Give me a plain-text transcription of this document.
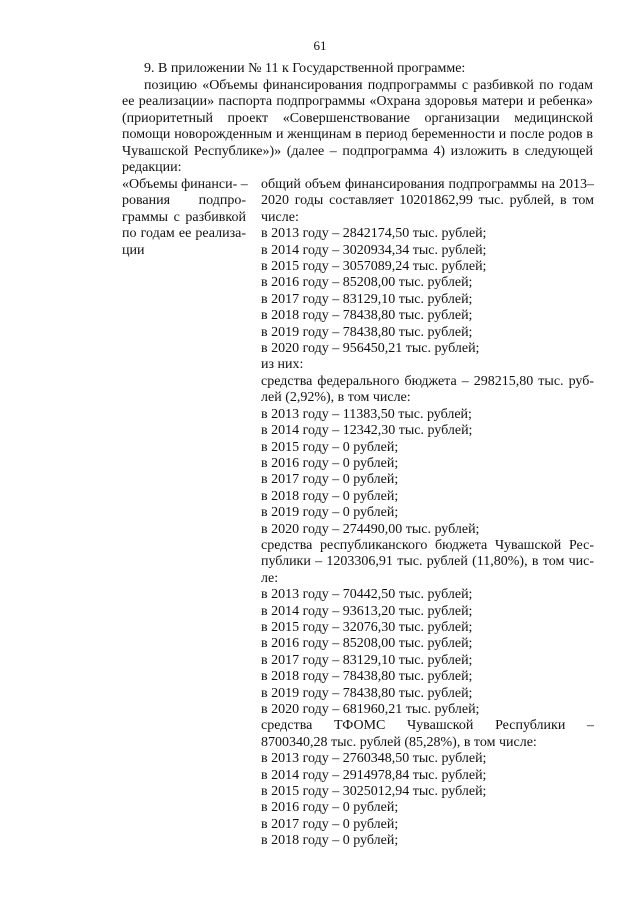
61

9. В приложении № 11 к Государственной программе:

позицию «Объемы финансирования подпрограммы с разбивкой по годам ее реализации» паспорта подпрограммы «Охрана здоровья матери и ребенка» (приоритетный проект «Совершенствование организации медицинской помощи новорожденным и женщинам в период беременности и после родов в Чувашской Республике»)» (далее – подпрограмма 4) изложить в следующей редакции:

«Объемы финанси- –
рования подпро-
граммы с разбивкой
по годам ее реализа-
ции
общий объем финансирования подпрограммы на 2013–
2020 годы составляет 10201862,99 тыс. рублей, в том
числе:
в 2013 году – 2842174,50 тыс. рублей;
в 2014 году – 3020934,34 тыс. рублей;
в 2015 году – 3057089,24 тыс. рублей;
в 2016 году – 85208,00 тыс. рублей;
в 2017 году – 83129,10 тыс. рублей;
в 2018 году – 78438,80 тыс. рублей;
в 2019 году – 78438,80 тыс. рублей;
в 2020 году – 956450,21 тыс. рублей;
из них:
средства федерального бюджета – 298215,80 тыс. руб-
лей (2,92%), в том числе:
в 2013 году – 11383,50 тыс. рублей;
в 2014 году – 12342,30 тыс. рублей;
в 2015 году – 0 рублей;
в 2016 году – 0 рублей;
в 2017 году – 0 рублей;
в 2018 году – 0 рублей;
в 2019 году – 0 рублей;
в 2020 году – 274490,00 тыс. рублей;
средства республиканского бюджета Чувашской Рес-
публики – 1203306,91 тыс. рублей (11,80%), в том чис-
ле:
в 2013 году – 70442,50 тыс. рублей;
в 2014 году – 93613,20 тыс. рублей;
в 2015 году – 32076,30 тыс. рублей;
в 2016 году – 85208,00 тыс. рублей;
в 2017 году – 83129,10 тыс. рублей;
в 2018 году – 78438,80 тыс. рублей;
в 2019 году – 78438,80 тыс. рублей;
в 2020 году – 681960,21 тыс. рублей;
средства ТФОМС Чувашской Республики –
8700340,28 тыс. рублей (85,28%), в том числе:
в 2013 году – 2760348,50 тыс. рублей;
в 2014 году – 2914978,84 тыс. рублей;
в 2015 году – 3025012,94 тыс. рублей;
в 2016 году – 0 рублей;
в 2017 году – 0 рублей;
в 2018 году – 0 рублей;
